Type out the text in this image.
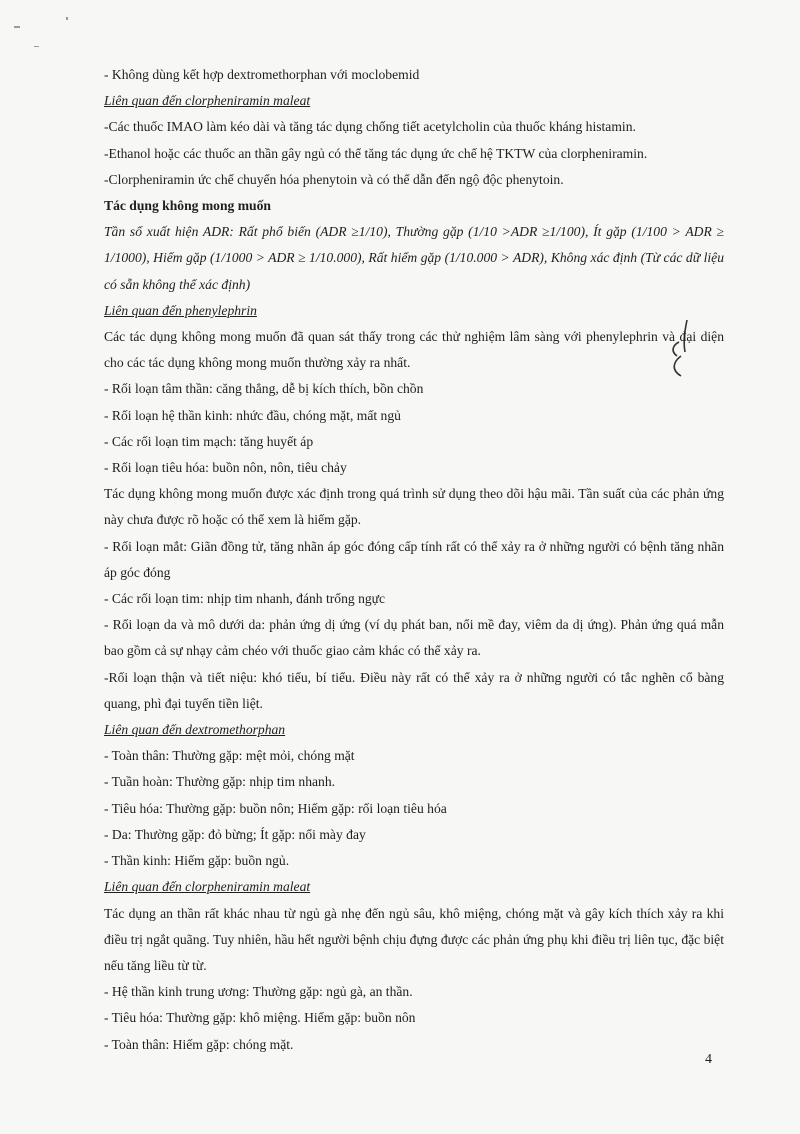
- Không dùng kết hợp dextromethorphan với moclobemid
Liên quan đến clorpheniramin maleat
-Các thuốc IMAO làm kéo dài và tăng tác dụng chống tiết acetylcholin của thuốc kháng histamin.
-Ethanol hoặc các thuốc an thần gây ngủ có thể tăng tác dụng ức chế hệ TKTW của clorpheniramin.
-Clorpheniramin ức chế chuyển hóa phenytoin và có thể dẫn đến ngộ độc phenytoin.
Tác dụng không mong muốn
Tần số xuất hiện ADR: Rất phổ biến (ADR ≥1/10), Thường gặp (1/10 >ADR ≥1/100), Ít gặp (1/100 > ADR ≥ 1/1000), Hiếm gặp (1/1000 > ADR ≥ 1/10.000), Rất hiếm gặp (1/10.000 > ADR), Không xác định (Từ các dữ liệu có sẵn không thể xác định)
Liên quan đến phenylephrin
Các tác dụng không mong muốn đã quan sát thấy trong các thử nghiệm lâm sàng với phenylephrin và đại diện cho các tác dụng không mong muốn thường xảy ra nhất.
- Rối loạn tâm thần: căng thẳng, dễ bị kích thích, bồn chồn
- Rối loạn hệ thần kinh: nhức đầu, chóng mặt, mất ngủ
- Các rối loạn tim mạch: tăng huyết áp
- Rối loạn tiêu hóa: buồn nôn, nôn, tiêu chảy
Tác dụng không mong muốn được xác định trong quá trình sử dụng theo dõi hậu mãi. Tần suất của các phản ứng này chưa được rõ hoặc có thể xem là hiếm gặp.
- Rối loạn mắt: Giãn đồng tử, tăng nhãn áp góc đóng cấp tính rất có thể xảy ra ở những người có bệnh tăng nhãn áp góc đóng
- Các rối loạn tim: nhịp tim nhanh, đánh trống ngực
- Rối loạn da và mô dưới da: phản ứng dị ứng (ví dụ phát ban, nổi mề đay, viêm da dị ứng). Phản ứng quá mẫn bao gồm cả sự nhạy cảm chéo với thuốc giao cảm khác có thể xảy ra.
-Rối loạn thận và tiết niệu: khó tiểu, bí tiểu. Điều này rất có thể xảy ra ở những người có tắc nghẽn cổ bàng quang, phì đại tuyến tiền liệt.
Liên quan đến dextromethorphan
- Toàn thân: Thường gặp: mệt mỏi, chóng mặt
- Tuần hoàn: Thường gặp: nhịp tim nhanh.
- Tiêu hóa: Thường gặp: buồn nôn; Hiếm gặp: rối loạn tiêu hóa
- Da: Thường gặp: đỏ bừng; Ít gặp: nổi mày đay
- Thần kinh: Hiếm gặp: buồn ngủ.
Liên quan đến clorpheniramin maleat
Tác dụng an thần rất khác nhau từ ngủ gà nhẹ đến ngủ sâu, khô miệng, chóng mặt và gây kích thích xảy ra khi điều trị ngắt quãng. Tuy nhiên, hầu hết người bệnh chịu đựng được các phản ứng phụ khi điều trị liên tục, đặc biệt nếu tăng liều từ từ.
- Hệ thần kinh trung ương: Thường gặp: ngủ gà, an thần.
- Tiêu hóa: Thường gặp: khô miệng. Hiếm gặp: buồn nôn
- Toàn thân: Hiếm gặp: chóng mặt.
4
